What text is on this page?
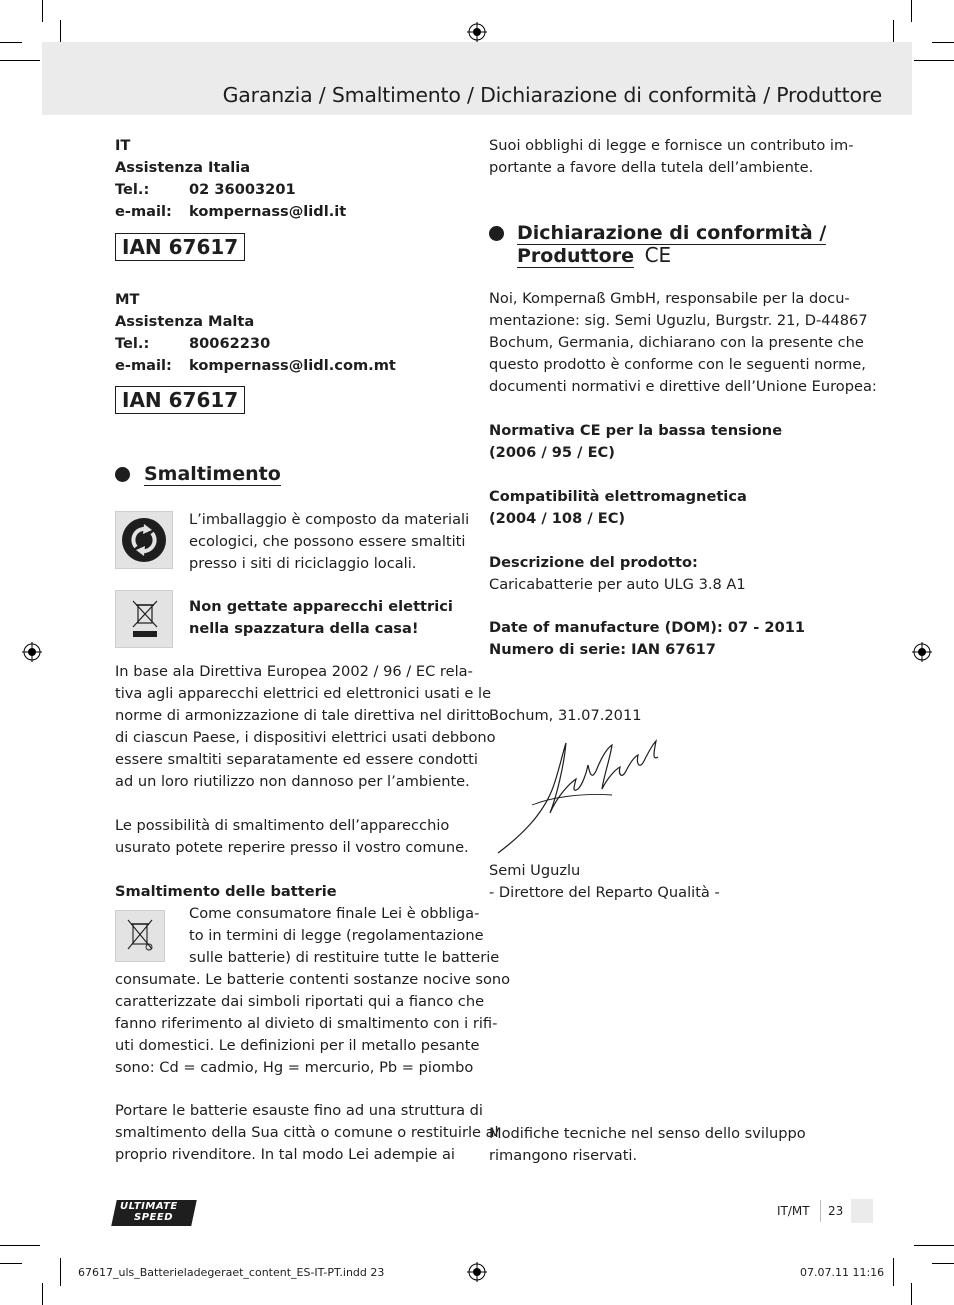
Garanzia / Smaltimento / Dichiarazione di conformità / Produttore
IT
Assistenza Italia
Tel.:	02 36003201
e-mail: kompernass@lidl.it
IAN 67617
MT
Assistenza Malta
Tel.:	80062230
e-mail: kompernass@lidl.com.mt
IAN 67617
Smaltimento
L’imballaggio è composto da materiali
ecologici, che possono essere smaltiti
presso i siti di riciclaggio locali.
Non gettate apparecchi elettrici
nella spazzatura della casa!
In base ala Direttiva Europea 2002 / 96 / EC rela-
tiva agli apparecchi elettrici ed elettronici usati e le
norme di armonizzazione di tale direttiva nel diritto
di ciascun Paese, i dispositivi elettrici usati debbono
essere smaltiti separatamente ed essere condotti
ad un loro riutilizzo non dannoso per l’ambiente.
Le possibilità di smaltimento dell’apparecchio
usurato potete reperire presso il vostro comune.
Smaltimento delle batterie
Come consumatore finale Lei è obbliga-
to in termini di legge (regolamentazione
sulle batterie) di restituire tutte le batterie
consumate. Le batterie contenti sostanze nocive sono
caratterizzate dai simboli riportati qui a fianco che
fanno riferimento al divieto di smaltimento con i rifi-
uti domestici. Le definizioni per il metallo pesante
sono: Cd = cadmio, Hg = mercurio, Pb = piombo
Portare le batterie esauste fino ad una struttura di
smaltimento della Sua città o comune o restituirle al
proprio rivenditore. In tal modo Lei adempie ai
Suoi obblighi di legge e fornisce un contributo im-
portante a favore della tutela dell’ambiente.
Dichiarazione di conformità /
Produttore CE
Noi, Kompernaß GmbH, responsabile per la docu-
mentazione: sig. Semi Uguzlu, Burgstr. 21, D-44867
Bochum, Germania, dichiarano con la presente che
questo prodotto è conforme con le seguenti norme,
documenti normativi e direttive dell’Unione Europea:
Normativa CE per la bassa tensione
(2006 / 95 / EC)
Compatibilità elettromagnetica
(2004 / 108 / EC)
Descrizione del prodotto:
Caricabatterie per auto ULG 3.8 A1
Date of manufacture (DOM): 07 - 2011
Numero di serie: IAN 67617
Bochum, 31.07.2011
Semi Uguzlu
- Direttore del Reparto Qualità -
Modifiche tecniche nel senso dello sviluppo
rimangono riservati.
ULTIMATE
SPEED	IT/MT 23
67617_uls_Batterieladegeraet_content_ES-IT-PT.indd 23	07.07.11 11:16
